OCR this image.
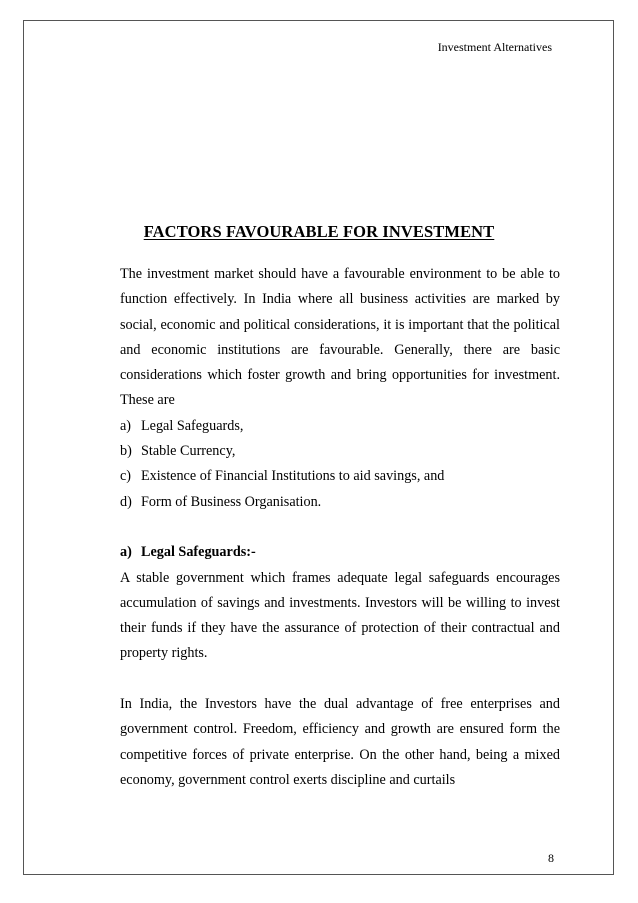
Investment Alternatives
FACTORS FAVOURABLE FOR INVESTMENT

The investment market should have a favourable environment to be able to function effectively. In India where all business activities are marked by social, economic and political considerations, it is important that the political and economic institutions are favourable. Generally, there are basic considerations which foster growth and bring opportunities for investment. These are

a) Legal Safeguards,
b) Stable Currency,
c) Existence of Financial Institutions to aid savings, and
d) Form of Business Organisation.

a) Legal Safeguards:-

A stable government which frames adequate legal safeguards encourages accumulation of savings and investments. Investors will be willing to invest their funds if they have the assurance of protection of their contractual and property rights.

In India, the Investors have the dual advantage of free enterprises and government control. Freedom, efficiency and growth are ensured form the competitive forces of private enterprise. On the other hand, being a mixed economy, government control exerts discipline and curtails

8
